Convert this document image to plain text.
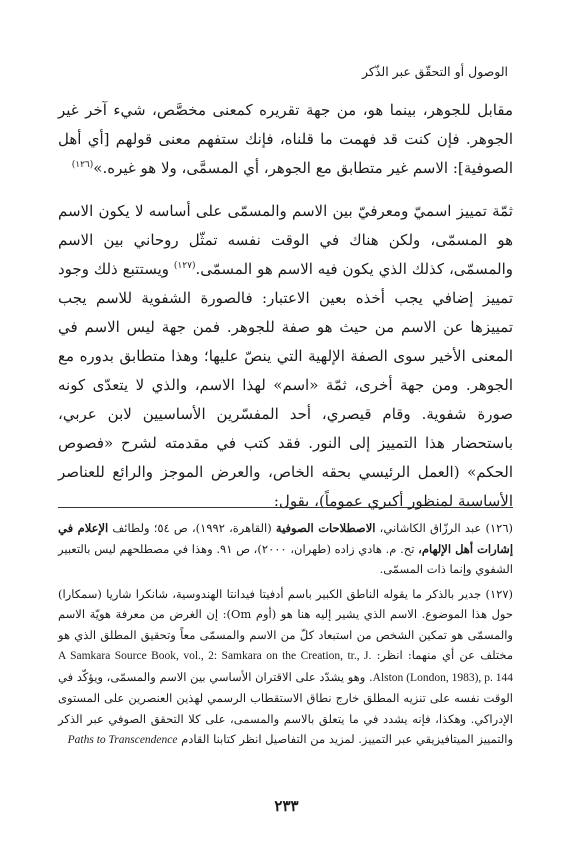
الوصول أو التحقّق عبر الذّكر

مقابل للجوهر، بينما هو، من جهة تقريره كمعنى مخصَّص، شيء آخر غير الجوهر. فإن كنت قد فهمت ما قلناه، فإنك ستفهم معنى قولهم [أي أهل الصوفية]: الاسم غير متطابق مع الجوهر، أي المسمَّى، ولا هو غيره.»$^{(١٢٦)}$

ثمّة تمييز اسميّ ومعرفيّ بين الاسم والمسمّى على أساسه لا يكون الاسم هو المسمّى، ولكن هناك في الوقت نفسه تمثّل روحاني بين الاسم والمسمّى، كذلك الذي يكون فيه الاسم هو المسمّى.$^{(١٢٧)}$ ويستتبع ذلك وجود تمييز إضافي يجب أخذه بعين الاعتبار: فالصورة الشفوية للاسم يجب تمييزها عن الاسم من حيث هو صفة للجوهر. فمن جهة ليس الاسم في المعنى الأخير سوى الصفة الإلهية التي ينصّ عليها؛ وهذا متطابق بدوره مع الجوهر. ومن جهة أخرى، ثمّة «اسم» لهذا الاسم، والذي لا يتعدّى كونه صورة شفوية. وقام قيصري، أحد المفسّرين الأساسيين لابن عربي، باستحضار هذا التمييز إلى النور. فقد كتب في مقدمته لشرح «فصوص الحكم» (العمل الرئيسي بحقه الخاص، والعرض الموجز والرائع للعناصر الأساسية لمنظور أكبري عموماً)، يقول:

(١٢٦) عبد الرزّاق الكاشاني، الاصطلاحات الصوفية (القاهرة، ١٩٩٢)، ص ٥٤؛ ولطائف الإعلام في إشارات أهل الإلهام، تح. م. هادي زاده (طهران، ٢٠٠٠)، ص ٩١. وهذا في مصطلحهم ليس بالتعبير الشفوي وإنما ذات المسمّى.

(١٢٧) جدير بالذكر ما يقوله الناطق الكبير باسم أدفيتا فيدانتا الهندوسية، شانكرا شاريا (سمكارا) حول هذا الموضوع. الاسم الذي يشير إليه هنا هو (أوم Om): إن الغرض من معرفة هويّة الاسم والمسمّى هو تمكين الشخص من استبعاد كلّ من الاسم والمسمّى معاً وتحقيق المطلق الذي هو مختلف عن أي منهما: انظر: A Samkara Source Book, vol., 2: Samkara on the Creation, tr., J. Alston (London, 1983), p. 144. وهو يشدّد على الاقتران الأساسي بين الاسم والمسمّى، ويؤكّد في الوقت نفسه على تنزيه المطلق خارج نطاق الاستقطاب الرسمي لهذين العنصرين على المستوى الإدراكي. وهكذا، فإنه يشدد في ما يتعلق بالاسم والمسمى، على كلا التحقق الصوفي عبر الذكر والتمييز الميتافيزيقي عبر التمييز. لمزيد من التفاصيل انظر كتابنا القادم Paths to Transcendence

٢٣٣
